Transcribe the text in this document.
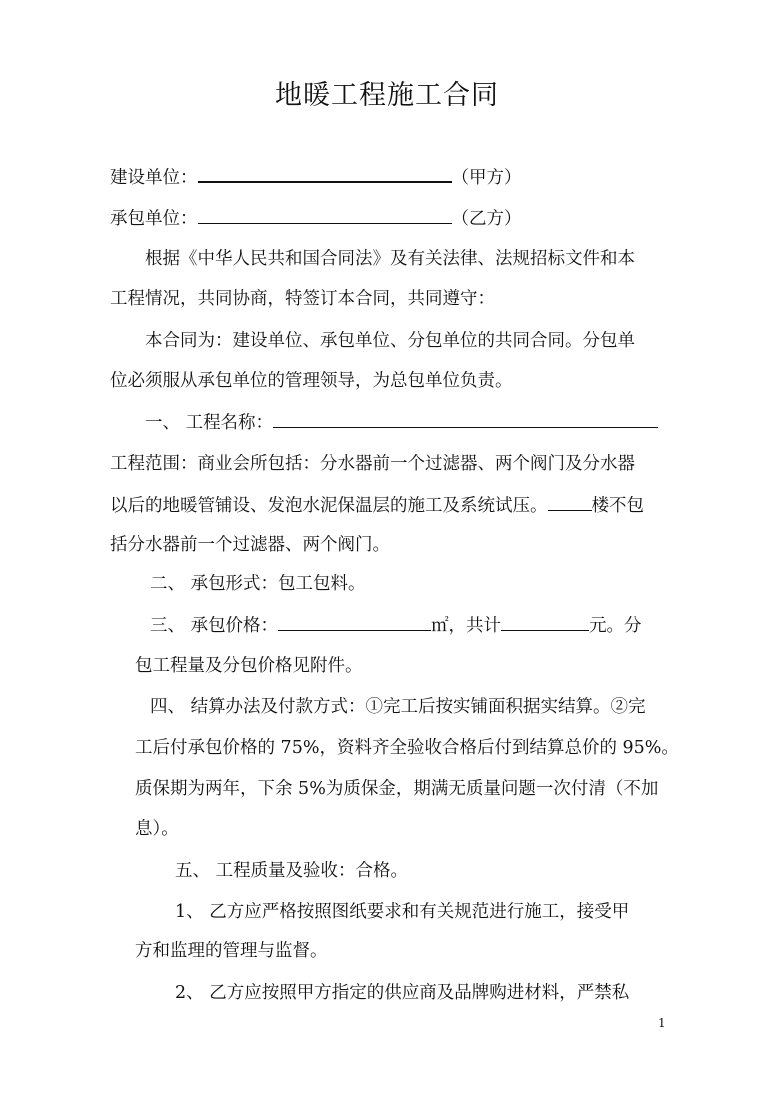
地暖工程施工合同
建设单位：	（甲方）
承包单位：	（乙方）
根据《中华人民共和国合同法》及有关法律、法规招标文件和本
工程情况，共同协商，特签订本合同，共同遵守：
本合同为：建设单位、承包单位、分包单位的共同合同。分包单
位必须服从承包单位的管理领导，为总包单位负责。
一、 工程名称：
工程范围：商业会所包括：分水器前一个过滤器、两个阀门及分水器
以后的地暖管铺设、发泡水泥保温层的施工及系统试压。	楼不包
括分水器前一个过滤器、两个阀门。
二、 承包形式：包工包料。
三、 承包价格：	㎡，共计	元。分
包工程量及分包价格见附件。
四、 结算办法及付款方式：①完工后按实铺面积据实结算。②完
工后付承包价格的 75%，资料齐全验收合格后付到结算总价的 95%。
质保期为两年，下余 5%为质保金，期满无质量问题一次付清（不加
息）。
五、 工程质量及验收：合格。
1、 乙方应严格按照图纸要求和有关规范进行施工，接受甲
方和监理的管理与监督。
2、 乙方应按照甲方指定的供应商及品牌购进材料，严禁私
1
